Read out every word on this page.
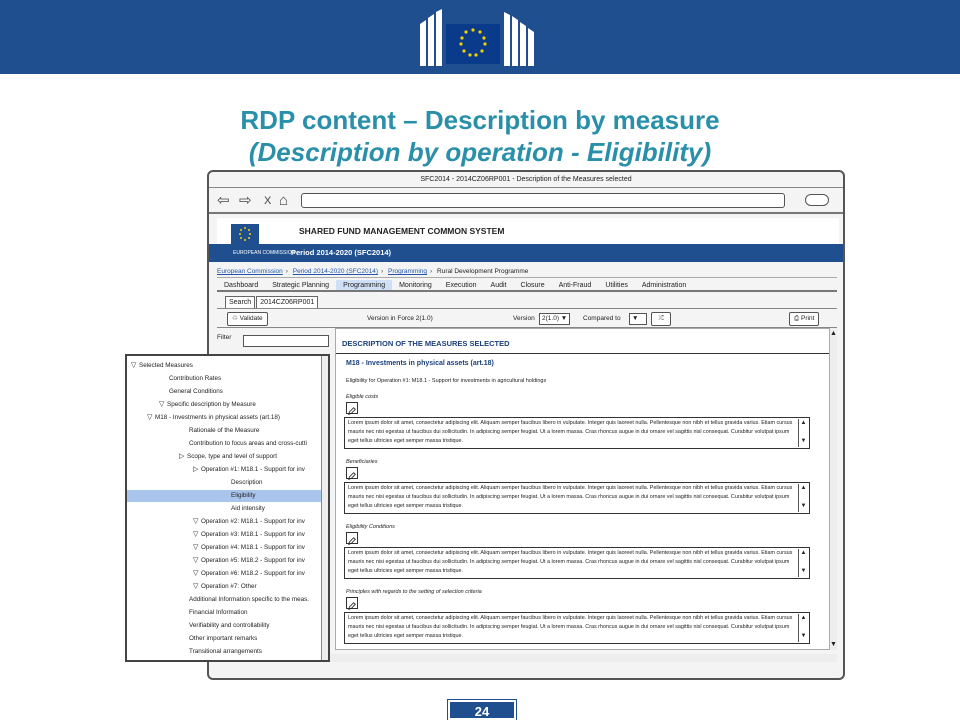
European
Commission
RDP content – Description by measure
(Description by operation - Eligibility)
SFC2014 - 2014CZ06RP001 - Description of the Measures selected
⇦ ⇨ X ⌂
SHARED FUND MANAGEMENT COMMON SYSTEM
EUROPEAN COMMISSION
Period 2014-2020 (SFC2014)
European Commission › Period 2014-2020 (SFC2014) › Programming › Rural Development Programme
Dashboard	Strategic Planning	Programming	Monitoring	Execution	Audit	Closure	Anti-Fraud	Utilities	Administration
Search	2014CZ06RP001
♲ Validate	Version in Force 2(1.0)	Version	2(1.0) ▼	Compared to	▼	⤮	⎙ Print
Filter
DESCRIPTION OF THE MEASURES SELECTED
M18 - Investments in physical assets (art.18)
Eligibility for Operation #1: M18.1 - Support for investments in agricultural holdings
Eligible costs
Lorem ipsum dolor sit amet, consectetur adipiscing elit. Aliquam semper faucibus libero in vulputate. Integer quis laoreet nulla. Pellentesque non nibh et tellus gravida varius. Etiam cursus mauris nec nisi egestas ut faucibus dui sollicitudin. In adipiscing semper feugiat. Ut a lorem massa. Cras rhoncus augue in dui ornare vel sagittis nisl consequat. Curabitur volutpat ipsum eget tellus ultricies eget semper massa tristique.
▲

▼
Beneficiaries
Lorem ipsum dolor sit amet, consectetur adipiscing elit. Aliquam semper faucibus libero in vulputate. Integer quis laoreet nulla. Pellentesque non nibh et tellus gravida varius. Etiam cursus mauris nec nisi egestas ut faucibus dui sollicitudin. In adipiscing semper feugiat. Ut a lorem massa. Cras rhoncus augue in dui ornare vel sagittis nisl consequat. Curabitur volutpat ipsum eget tellus ultricies eget semper massa tristique.
▲

▼
Eligibility Conditions
Lorem ipsum dolor sit amet, consectetur adipiscing elit. Aliquam semper faucibus libero in vulputate. Integer quis laoreet nulla. Pellentesque non nibh et tellus gravida varius. Etiam cursus mauris nec nisi egestas ut faucibus dui sollicitudin. In adipiscing semper feugiat. Ut a lorem massa. Cras rhoncus augue in dui ornare vel sagittis nisl consequat. Curabitur volutpat ipsum eget tellus ultricies eget semper massa tristique.
▲

▼
Principles with regards to the setting of selection criteria
Lorem ipsum dolor sit amet, consectetur adipiscing elit. Aliquam semper faucibus libero in vulputate. Integer quis laoreet nulla. Pellentesque non nibh et tellus gravida varius. Etiam cursus mauris nec nisi egestas ut faucibus dui sollicitudin. In adipiscing semper feugiat. Ut a lorem massa. Cras rhoncus augue in dui ornare vel sagittis nisl consequat. Curabitur volutpat ipsum eget tellus ultricies eget semper massa tristique.
▲

▼
▲
▼
▽ Selected Measures
Contribution Rates
General Conditions
▽ Specific description by Measure
▽ M18 - Investments in physical assets (art.18)
Rationale of the Measure
Contribution to focus areas and cross-cutti
▷ Scope, type and level of support
▷ Operation #1: M18.1 - Support for inv
Description
Eligibility
Aid intensity
▽ Operation #2: M18.1 - Support for inv
▽ Operation #3: M18.1 - Support for inv
▽ Operation #4: M18.1 - Support for inv
▽ Operation #5: M18.2 - Support for inv
▽ Operation #6: M18.2 - Support for inv
▽ Operation #7: Other
Additional Information specific to the meas.
Financial Information
Verifiability and controllability
Other important remarks
Transitional arrangements
24
